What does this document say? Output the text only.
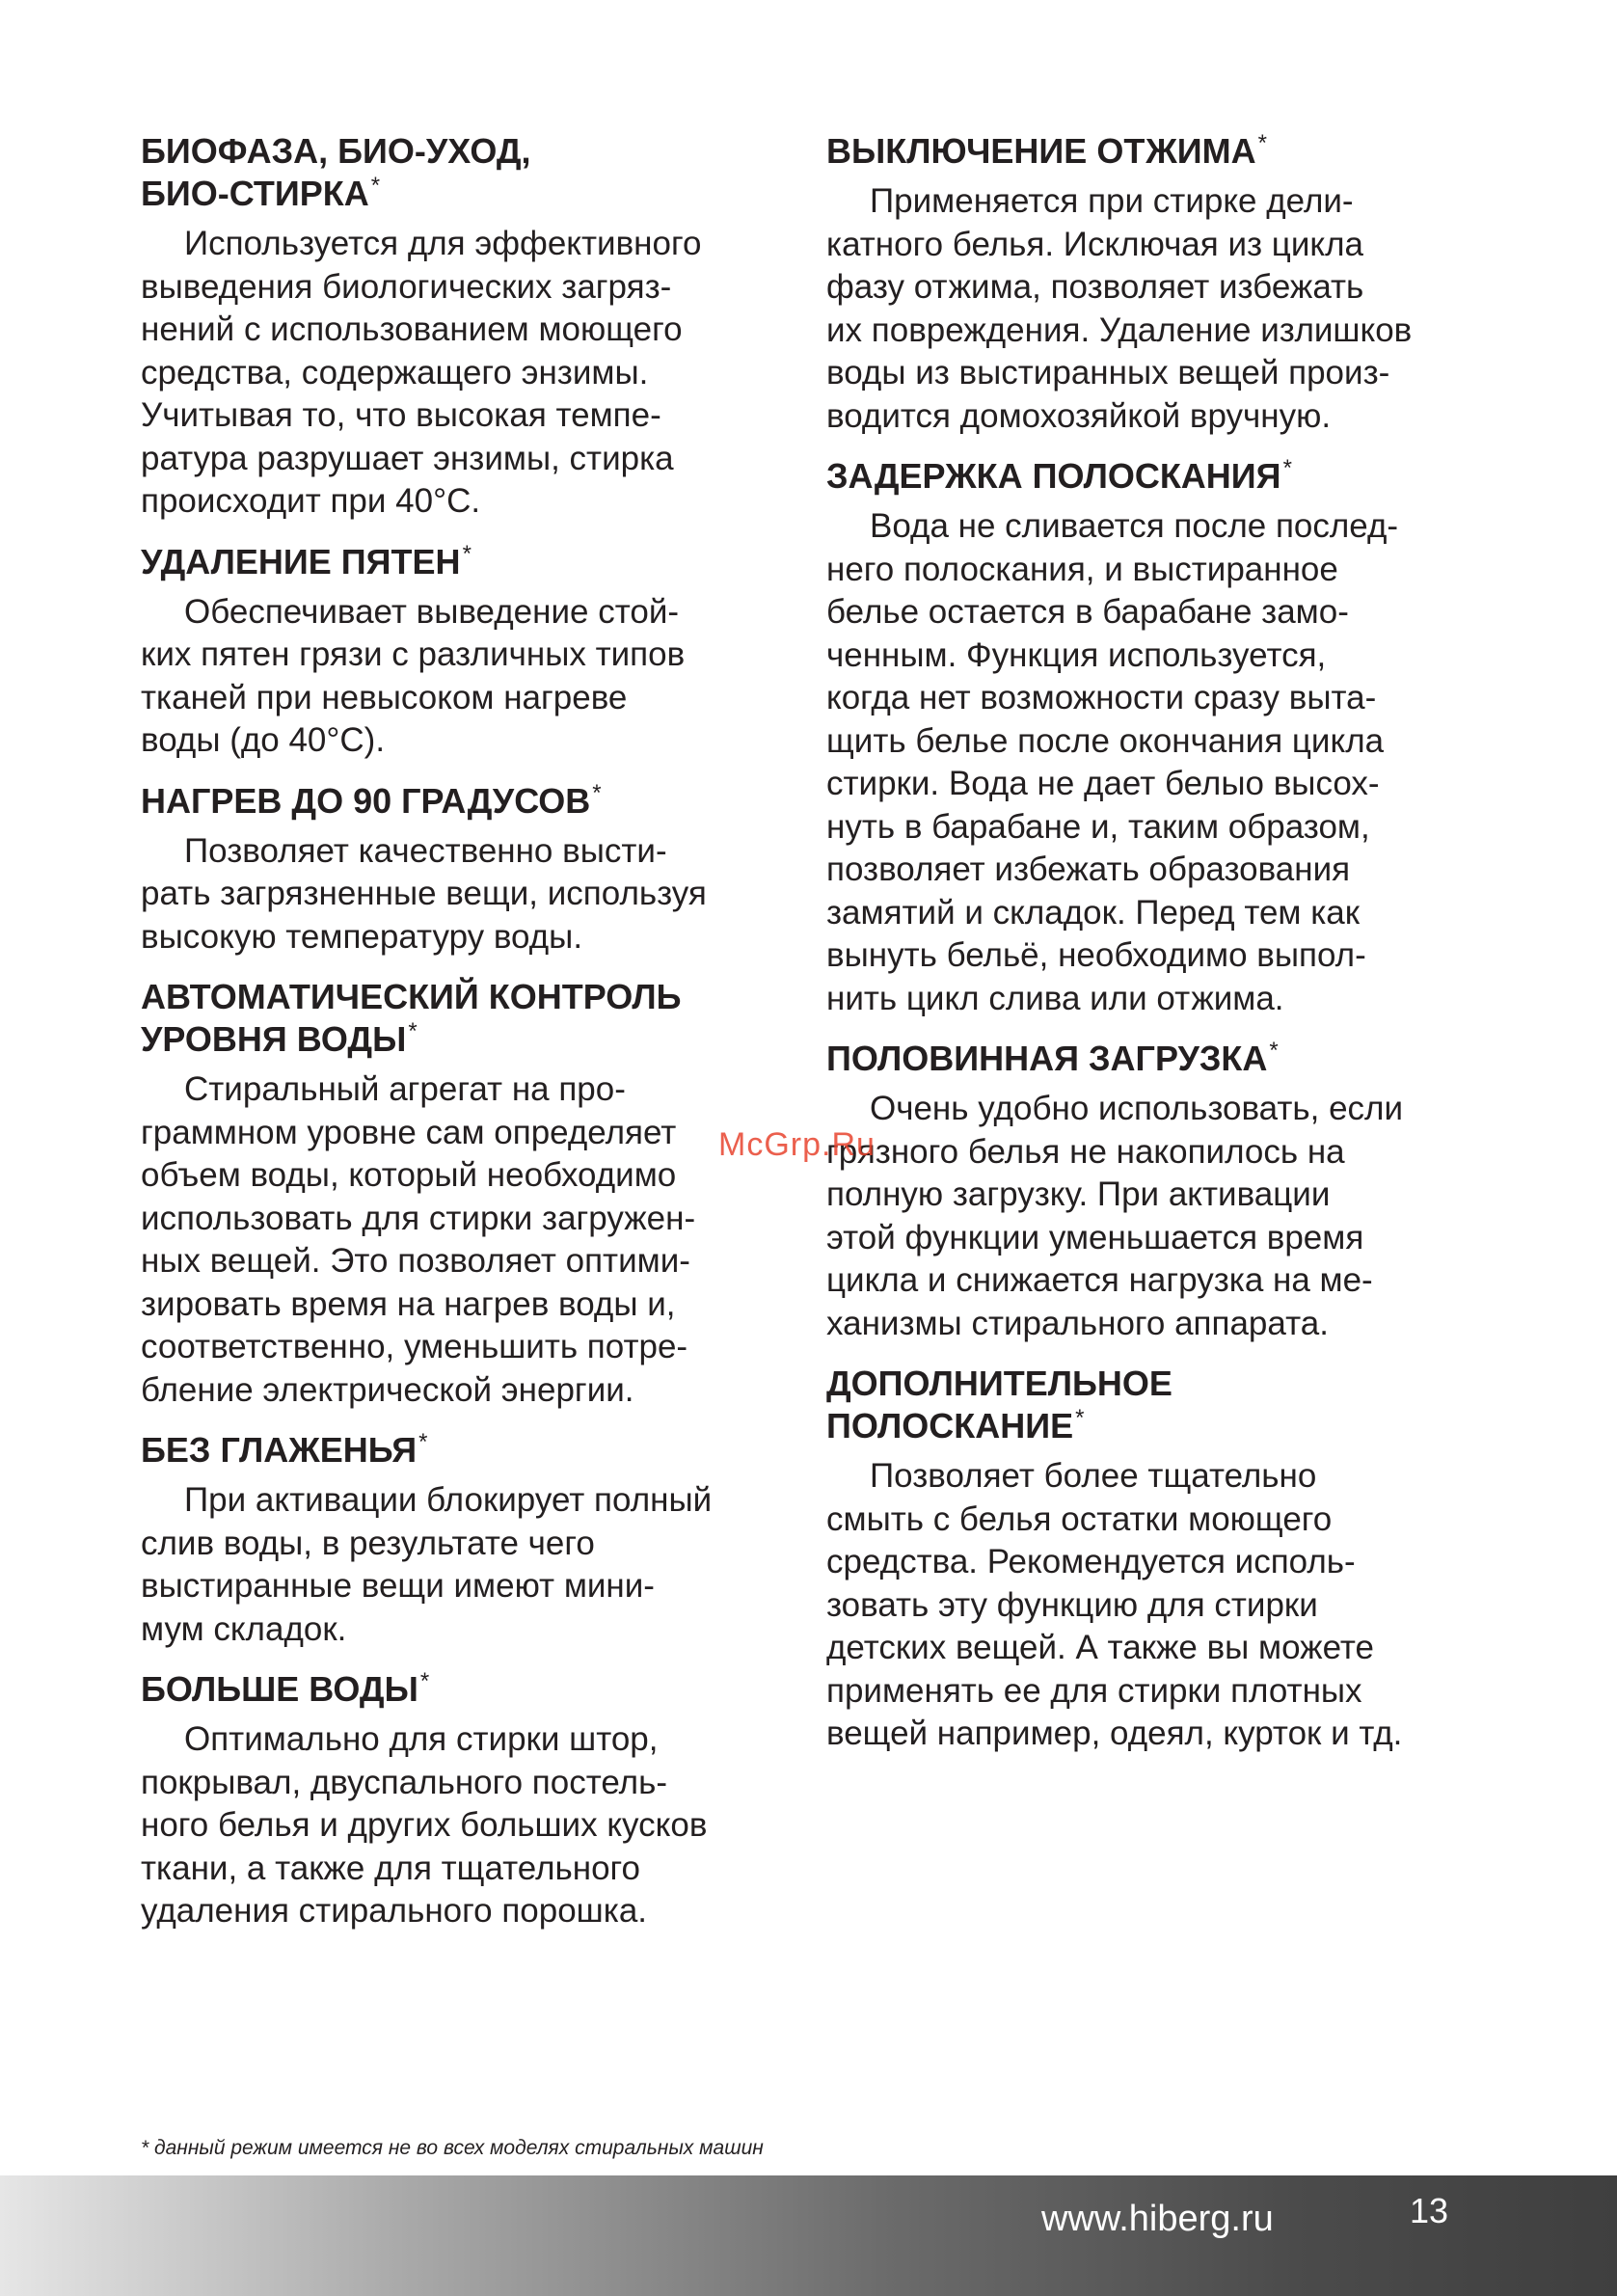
БИОФАЗА, БИО-УХОД,
БИО-СТИРКА*

Используется для эффективного
выведения биологических загряз-
нений с использованием моющего
средства, содержащего энзимы.
Учитывая то, что высокая темпе-
ратура разрушает энзимы, стирка
происходит при 40°С.

УДАЛЕНИЕ ПЯТЕН*

Обеспечивает выведение стой-
ких пятен грязи с различных типов
тканей при невысоком нагреве
воды (до 40°С).

НАГРЕВ ДО 90 ГРАДУСОВ*

Позволяет качественно высти-
рать загрязненные вещи, используя
высокую температуру воды.

АВТОМАТИЧЕСКИЙ КОНТРОЛЬ
УРОВНЯ ВОДЫ*

Стиральный агрегат на про-
граммном уровне сам определяет
объем воды, который необходимо
использовать для стирки загружен-
ных вещей. Это позволяет оптими-
зировать время на нагрев воды и,
соответственно, уменьшить потре-
бление электрической энергии.

БЕЗ ГЛАЖЕНЬЯ*

При активации блокирует полный
слив воды, в результате чего
выстиранные вещи имеют мини-
мум складок.

БОЛЬШЕ ВОДЫ*

Оптимально для стирки штор,
покрывал, двуспального постель-
ного белья и других больших кусков
ткани, а также для тщательного
удаления стирального порошка.

ВЫКЛЮЧЕНИЕ ОТЖИМА*

Применяется при стирке дели-
катного белья. Исключая из цикла
фазу отжима, позволяет избежать
их повреждения. Удаление излишков
воды из выстиранных вещей произ-
водится домохозяйкой вручную.

ЗАДЕРЖКА ПОЛОСКАНИЯ*

Вода не сливается после послед-
него полоскания, и выстиранное
белье остается в барабане замо-
ченным. Функция используется,
когда нет возможности сразу выта-
щить белье после окончания цикла
стирки. Вода не дает белыо высох-
нуть в барабане и, таким образом,
позволяет избежать образования
замятий и складок. Перед тем как
вынуть бельё, необходимо выпол-
нить цикл слива или отжима.

ПОЛОВИННАЯ ЗАГРУЗКА*

Очень удобно использовать, если
грязного белья не накопилось на
полную загрузку. При активации
этой функции уменьшается время
цикла и снижается нагрузка на ме-
ханизмы стирального аппарата.

ДОПОЛНИТЕЛЬНОЕ
ПОЛОСКАНИЕ*

Позволяет более тщательно
смыть с белья остатки моющего
средства. Рекомендуется исполь-
зовать эту функцию для стирки
детских вещей. А также вы можете
применять ее для стирки плотных
вещей например, одеял, курток и тд.

McGrp.Ru
* данный режим имеется не во всех моделях стиральных машин
www.hiberg.ru	13
